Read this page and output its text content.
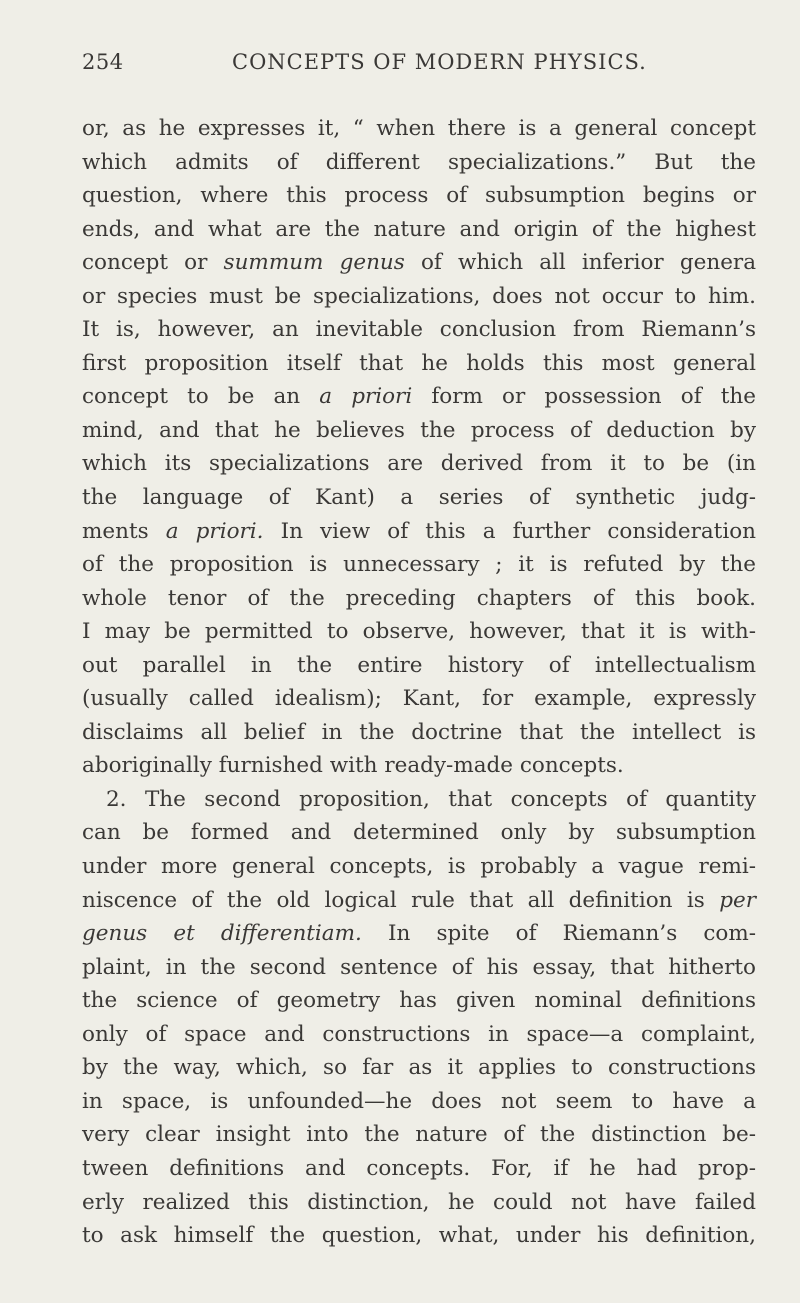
254	CONCEPTS OF MODERN PHYSICS.
or, as he expresses it, “ when there is a general concept
which admits of different specializations.” But the
question, where this process of subsumption begins or
ends, and what are the nature and origin of the highest
concept or summum genus of which all inferior genera
or species must be specializations, does not occur to him.
It is, however, an inevitable conclusion from Riemann’s
first proposition itself that he holds this most general
concept to be an a priori form or possession of the
mind, and that he believes the process of deduction by
which its specializations are derived from it to be (in
the language of Kant) a series of synthetic judg-
ments a priori. In view of this a further consideration
of the proposition is unnecessary ; it is refuted by the
whole tenor of the preceding chapters of this book.
I may be permitted to observe, however, that it is with-
out parallel in the entire history of intellectualism
(usually called idealism); Kant, for example, expressly
disclaims all belief in the doctrine that the intellect is
aboriginally furnished with ready-made concepts.
2. The second proposition, that concepts of quantity
can be formed and determined only by subsumption
under more general concepts, is probably a vague remi-
niscence of the old logical rule that all definition is per
genus et differentiam. In spite of Riemann’s com-
plaint, in the second sentence of his essay, that hitherto
the science of geometry has given nominal definitions
only of space and constructions in space—a complaint,
by the way, which, so far as it applies to constructions
in space, is unfounded—he does not seem to have a
very clear insight into the nature of the distinction be-
tween definitions and concepts. For, if he had prop-
erly realized this distinction, he could not have failed
to ask himself the question, what, under his definition,
